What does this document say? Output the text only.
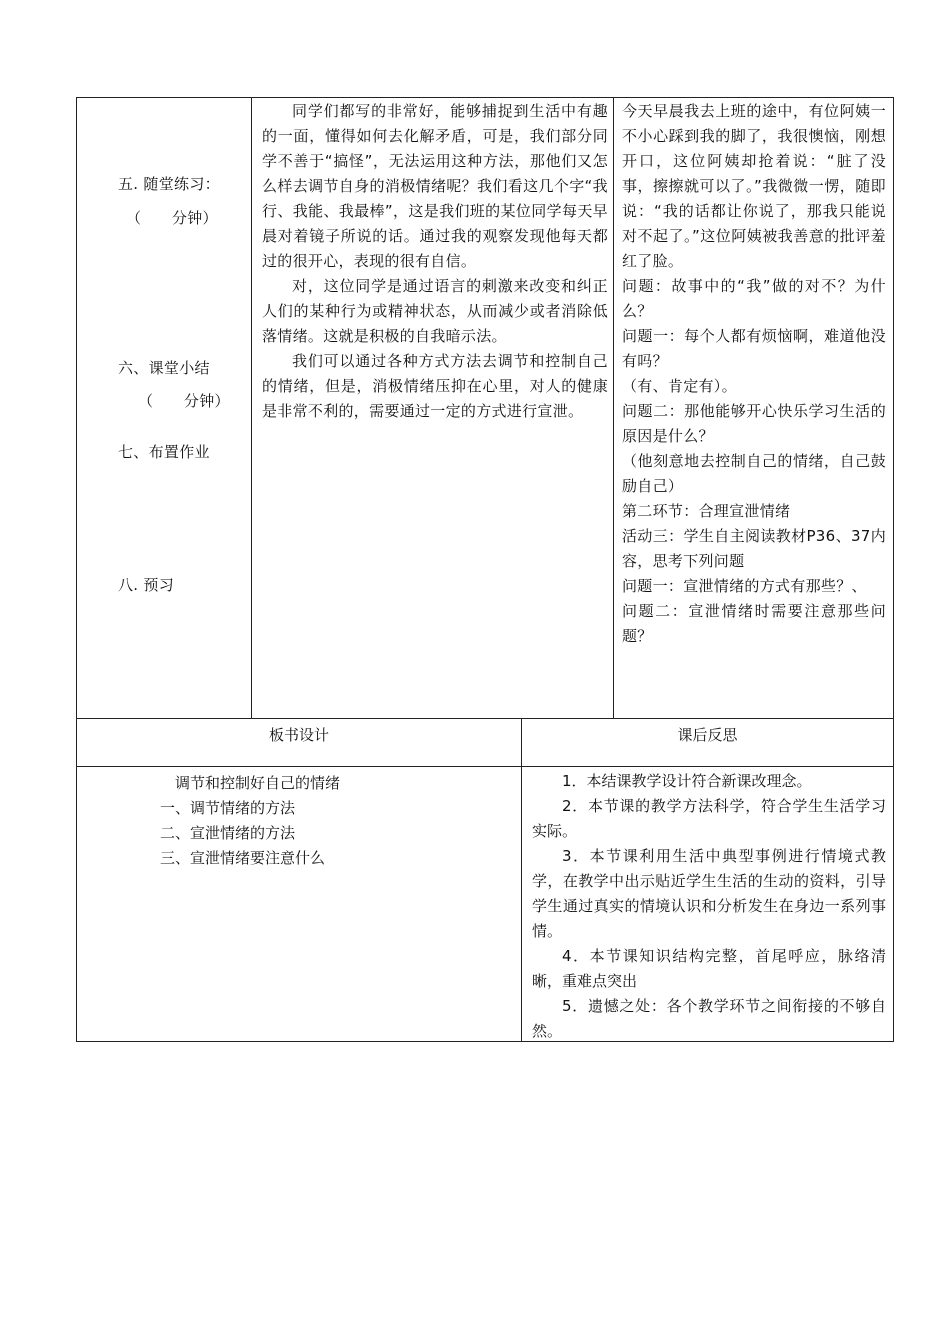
五. 随堂练习：
（　　分钟）
六、课堂小结
（　　分钟）
七、布置作业
八. 预习

同学们都写的非常好，能够捕捉到生活中有趣的一面，懂得如何去化解矛盾，可是，我们部分同学不善于“搞怪”，无法运用这种方法，那他们又怎么样去调节自身的消极情绪呢？我们看这几个字“我行、我能、我最棒”，这是我们班的某位同学每天早晨对着镜子所说的话。通过我的观察发现他每天都过的很开心，表现的很有自信。

对，这位同学是通过语言的刺激来改变和纠正人们的某种行为或精神状态，从而减少或者消除低落情绪。这就是积极的自我暗示法。

我们可以通过各种方式方法去调节和控制自己的情绪，但是，消极情绪压抑在心里，对人的健康是非常不利的，需要通过一定的方式进行宣泄。

今天早晨我去上班的途中，有位阿姨一不小心踩到我的脚了，我很懊恼，刚想开口，这位阿姨却抢着说：“脏了没事，擦擦就可以了。”我微微一愣，随即说：“我的话都让你说了，那我只能说对不起了。”这位阿姨被我善意的批评羞红了脸。

问题：故事中的“我”做的对不？为什么？

问题一：每个人都有烦恼啊，难道他没有吗？

（有、肯定有）。

问题二：那他能够开心快乐学习生活的原因是什么？

（他刻意地去控制自己的情绪，自己鼓励自己）

第二环节：合理宣泄情绪

活动三：学生自主阅读教材P36、37内容，思考下列问题

问题一：宣泄情绪的方式有那些？、

问题二：宣泄情绪时需要注意那些问题？

板书设计	课后反思
调节和控制好自己的情绪
一、调节情绪的方法
二、宣泄情绪的方法
三、宣泄情绪要注意什么

1．本结课教学设计符合新课改理念。

2．本节课的教学方法科学，符合学生生活学习实际。

3．本节课利用生活中典型事例进行情境式教学，在教学中出示贴近学生生活的生动的资料，引导学生通过真实的情境认识和分析发生在身边一系列事情。

4．本节课知识结构完整，首尾呼应，脉络清晰，重难点突出

5．遗憾之处：各个教学环节之间衔接的不够自然。
